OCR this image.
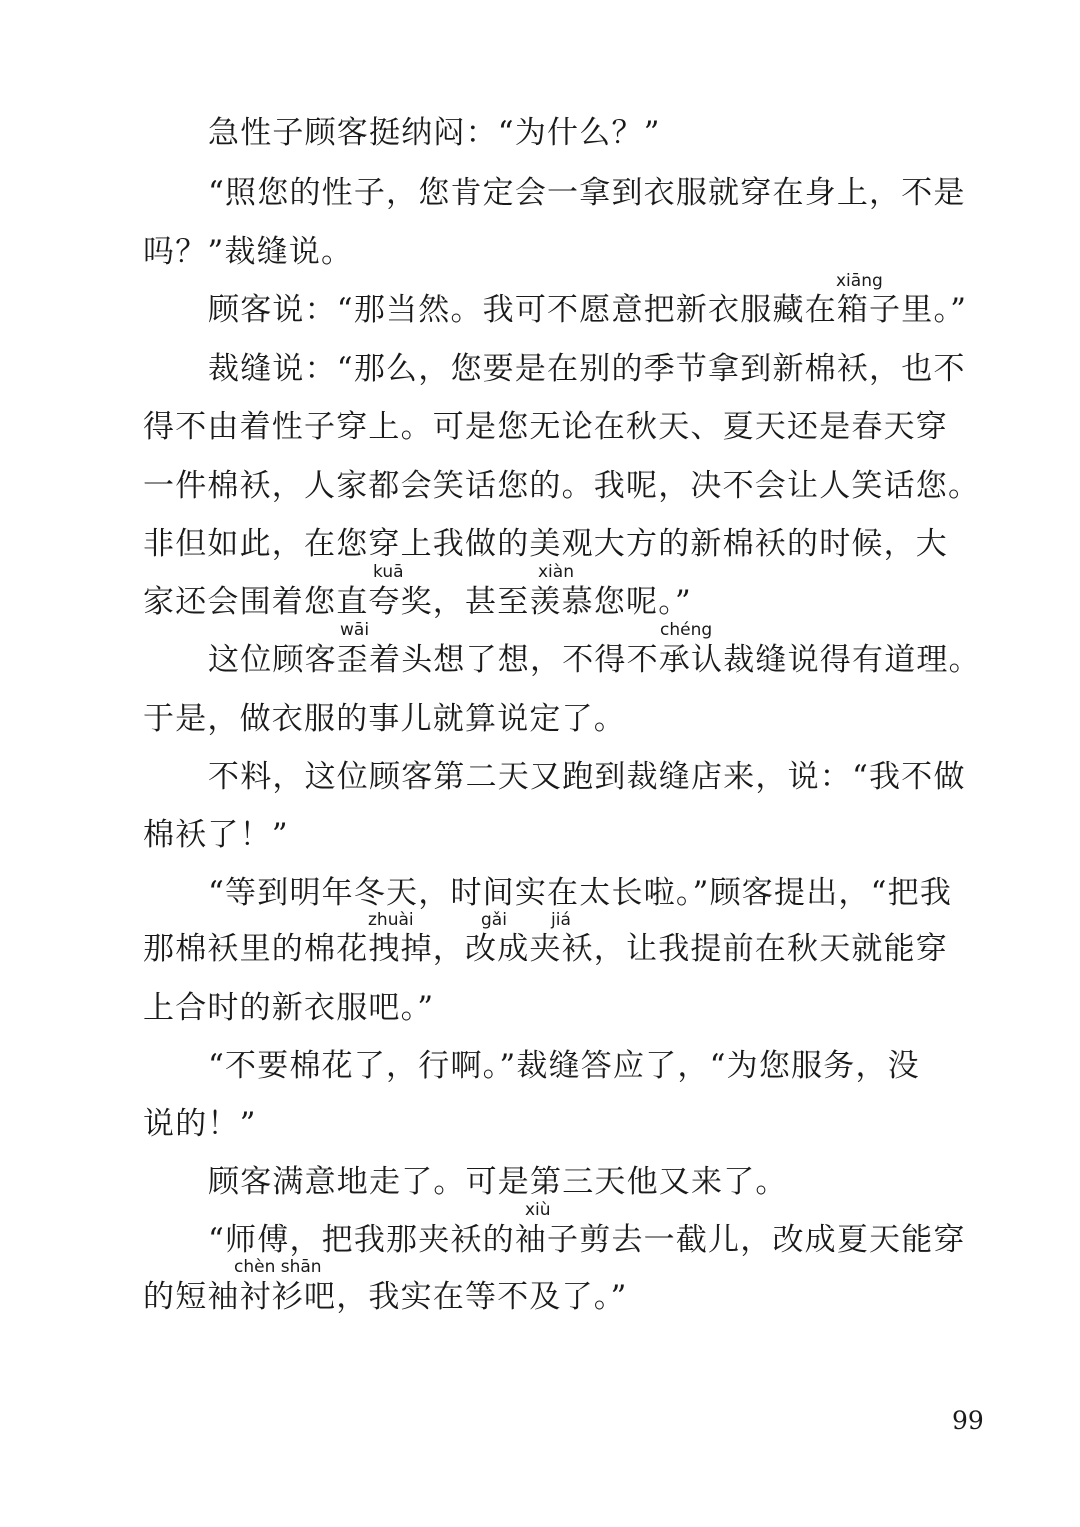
急性子顾客挺纳闷：“为什么？”
“照您的性子，您肯定会一拿到衣服就穿在身上，不是
吗？”裁缝说。
xiāng
顾客说：“那当然。我可不愿意把新衣服藏在箱子里。”
裁缝说：“那么，您要是在别的季节拿到新棉袄，也不
得不由着性子穿上。可是您无论在秋天、夏天还是春天穿
一件棉袄，人家都会笑话您的。我呢，决不会让人笑话您。
非但如此，在您穿上我做的美观大方的新棉袄的时候，大
kuā	xiàn
家还会围着您直夸奖，甚至羡慕您呢。”
wāi	chéng
这位顾客歪着头想了想，不得不承认裁缝说得有道理。
于是，做衣服的事儿就算说定了。
不料，这位顾客第二天又跑到裁缝店来，说：“我不做
棉袄了！”
“等到明年冬天，时间实在太长啦。”顾客提出，“把我
zhuài	gǎi	jiá
那棉袄里的棉花拽掉，改成夹袄，让我提前在秋天就能穿
上合时的新衣服吧。”
“不要棉花了，行啊。”裁缝答应了，“为您服务，没
说的！”
顾客满意地走了。可是第三天他又来了。
xiù
“师傅，把我那夹袄的袖子剪去一截儿，改成夏天能穿
chèn shān
的短袖衬衫吧，我实在等不及了。”
99
